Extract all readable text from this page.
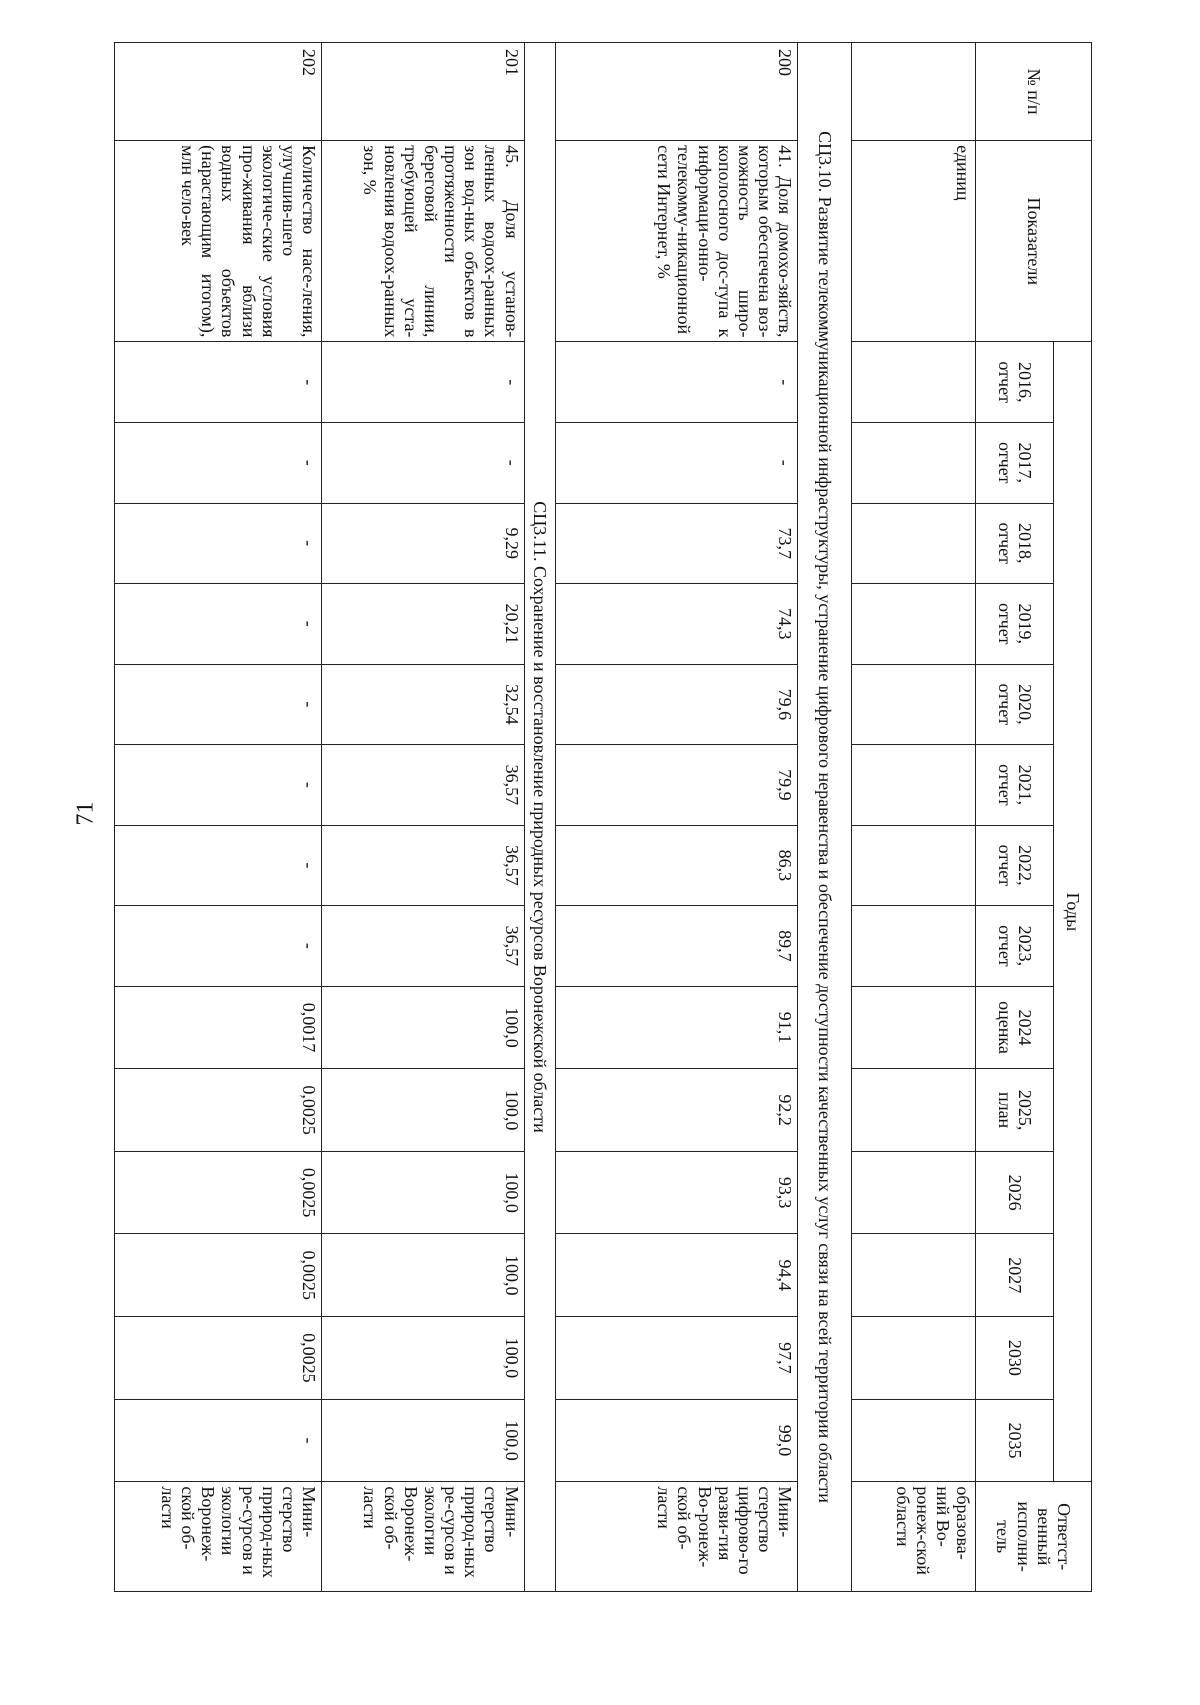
71
№ п/п	Показатели	Годы														Ответст-венный исполни-тель
		2016, отчет	2017, отчет	2018, отчет	2019, отчет	2020, отчет	2021, отчет	2022, отчет	2023, отчет	2024 оценка	2025, план	2026	2027	2030	2035	
	единиц															образова-ний Во-ронеж-ской области
СЦ3.10. Развитие телекоммуникационной инфраструктуры, устранение цифрового неравенства и обеспечение доступности качественных услуг связи на всей территории области																
200	41. Доля домохо-зяйств, которым обеспечена воз-можность широ-кополосного дос-тупа к информаци-онно-телекомму-никационной сети Интернет, %	-	-	73,7	74,3	79,6	79,9	86,3	89,7	91,1	92,2	93,3	94,4	97,7	99,0	Мини-стерство цифрово-го разви-тия Во-ронеж-ской об-ласти
СЦ3.11. Сохранение и восстановление природных ресурсов Воронежской области																
201	45. Доля установ-ленных водоох-ранных зон вод-ных объектов в протяженности береговой линии, требующей уста-новления водоох-ранных зон, %	-	-	9,29	20,21	32,54	36,57	36,57	36,57	100,0	100,0	100,0	100,0	100,0	100,0	Мини-стерство природ-ных ре-сурсов и экологии Воронеж-ской об-ласти
202	Количество насе-ления, улучшив-шего экологиче-ские условия про-живания вблизи водных объектов (нарастающим итогом), млн чело-век	-	-	-	-	-	-	-	-	0,0017	0,0025	0,0025	0,0025	0,0025	-	Мини-стерство природ-ных ре-сурсов и экологии Воронеж-ской об-ласти
